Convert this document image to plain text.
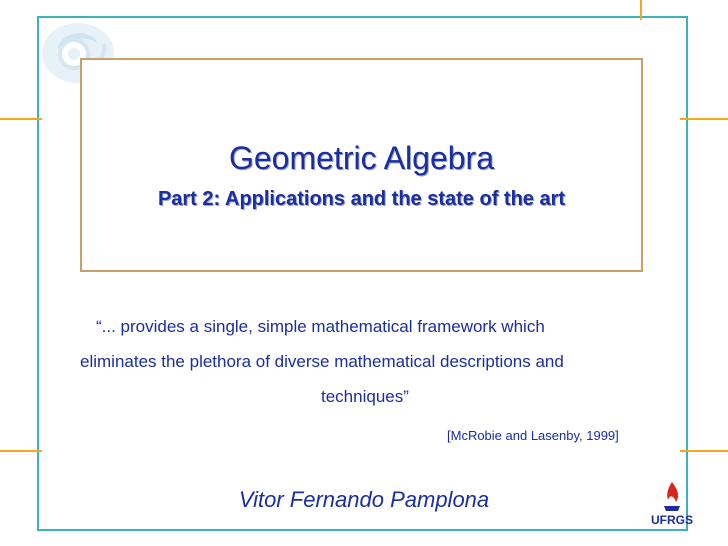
Geometric Algebra
Part 2: Applications and the state of the art
“... provides a single, simple mathematical framework which
eliminates the plethora of diverse mathematical descriptions and
techniques”
[McRobie and Lasenby, 1999]
Vitor Fernando Pamplona
UFRGS
